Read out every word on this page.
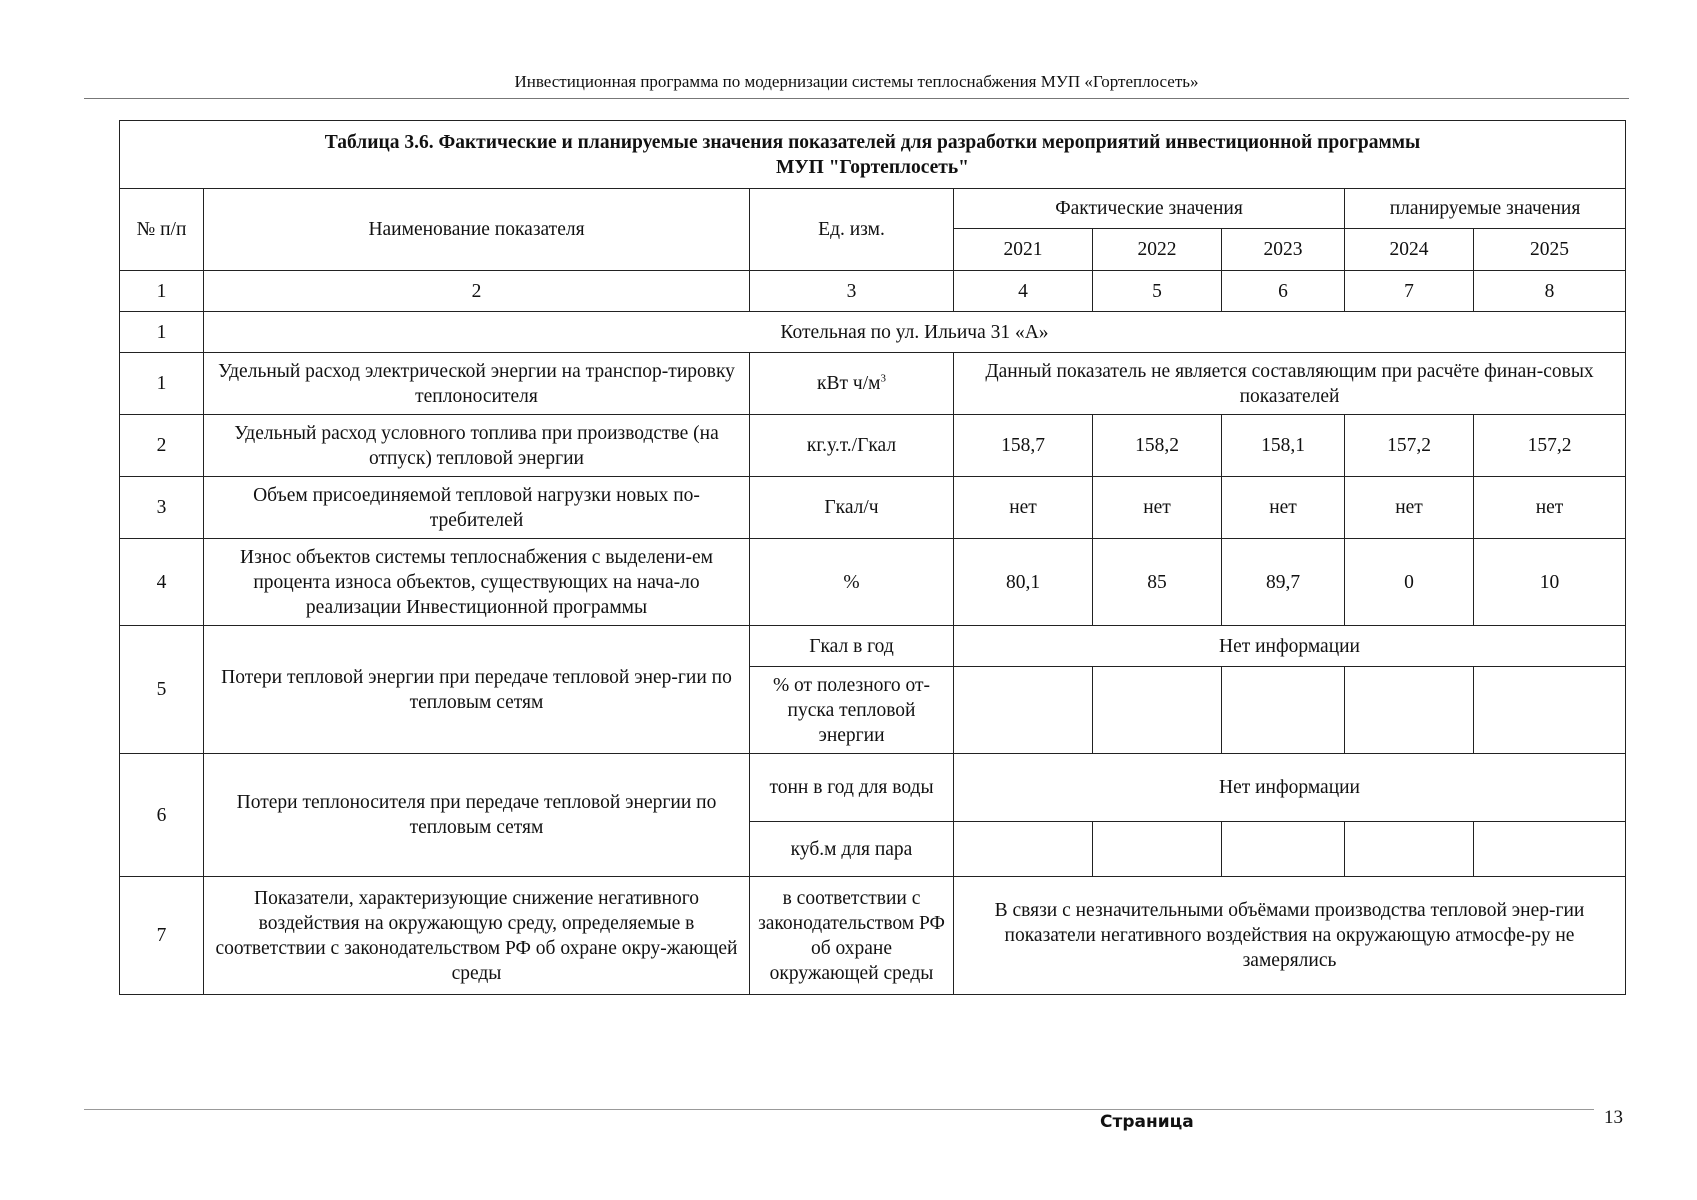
Инвестиционная программа по модернизации системы теплоснабжения МУП «Гортеплосеть»
Таблица 3.6. Фактические и планируемые значения показателей для разработки мероприятий инвестиционной программы
МУП "Гортеплосеть"							

№ п/п	Наименование показателя	Ед. изм.	Фактические значения			планируемые значения	
			2021	2022	2023	2024	2025
1	2	3	4	5	6	7	8
1	Котельная по ул. Ильича 31 «А»						
1	Удельный расход электрической энергии на транспор-тировку теплоносителя	кВт $ч/м^3$	Данный показатель не является составляющим при расчёте финан-совых показателей				
2	Удельный расход условного топлива при производстве (на отпуск) тепловой энергии	кг.у.т./Гкал	158,7	158,2	158,1	157,2	157,2
3	Объем присоединяемой тепловой нагрузки новых по-требителей	Гкал/ч	нет	нет	нет	нет	нет
4	Износ объектов системы теплоснабжения с выделени-ем процента износа объектов, существующих на нача-ло реализации Инвестиционной программы	%	80,1	85	89,7	0	10
5	Потери тепловой энергии при передаче тепловой энер-гии по тепловым сетям	Гкал в год	Нет информации				
		% от полезного от-пуска тепловой энергии					
6	Потери теплоносителя при передаче тепловой энергии по тепловым сетям	тонн в год для воды	Нет информации				
		куб.м для пара					
7	Показатели, характеризующие снижение негативного воздействия на окружающую среду, определяемые в соответствии с законодательством РФ об охране окру-жающей среды	в соответствии с законодательством РФ об охране окружающей среды	В связи с незначительными объёмами производства тепловой энер-гии показатели негативного воздействия на окружающую атмосфе-ру не замерялись				
Страница	13
